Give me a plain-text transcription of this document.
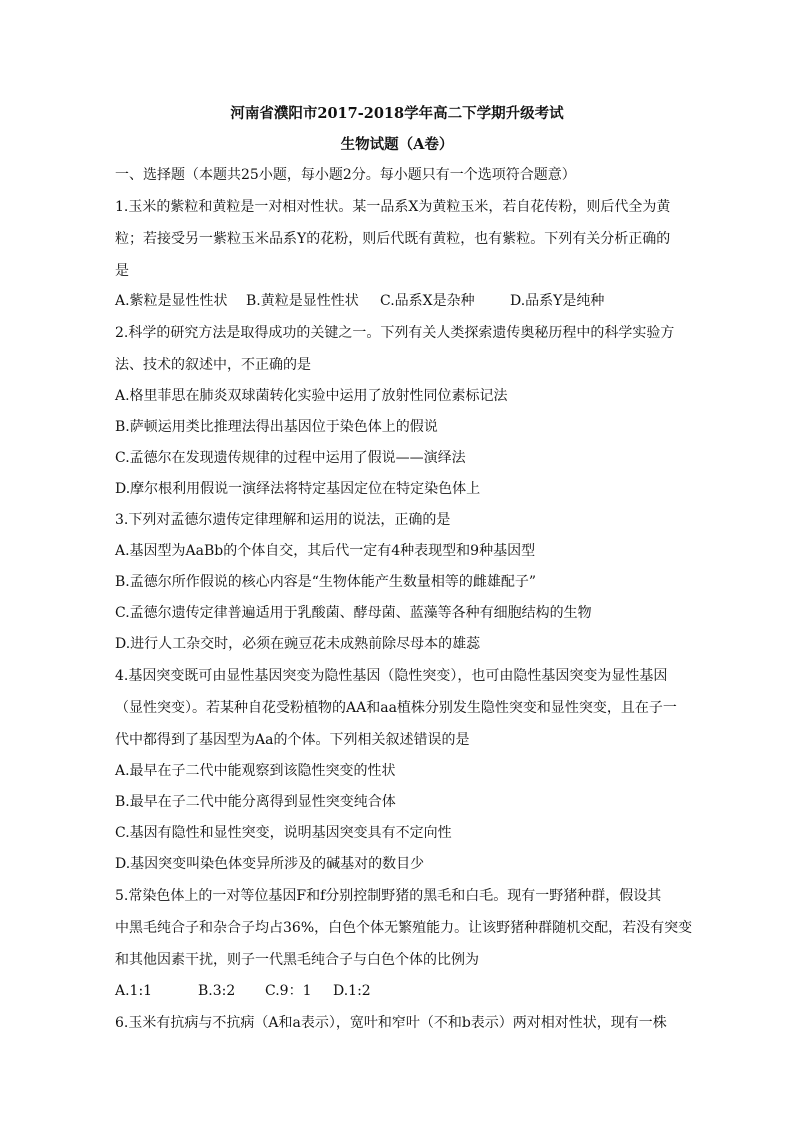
河南省濮阳市2017-2018学年高二下学期升级考试
生物试题（A卷）
一、选择题（本题共25小题，每小题2分。每小题只有一个选项符合题意）
1.玉米的紫粒和黄粒是一对相对性状。某一品系X为黄粒玉米，若自花传粉，则后代全为黄
粒；若接受另一紫粒玉米品系Y的花粉，则后代既有黄粒，也有紫粒。下列有关分析正确的
是
A.紫粒是显性性状 B.黄粒是显性性状 C.品系X是杂种	D.品系Y是纯种
2.科学的研究方法是取得成功的关键之一。下列有关人类探索遗传奥秘历程中的科学实验方
法、技术的叙述中，不正确的是
A.格里菲思在肺炎双球菌转化实验中运用了放射性同位素标记法
B.萨顿运用类比推理法得出基因位于染色体上的假说
C.孟德尔在发现遗传规律的过程中运用了假说——演绎法
D.摩尔根利用假说一演绎法将特定基因定位在特定染色体上
3.下列对孟德尔遗传定律理解和运用的说法，正确的是
A.基因型为AaBb的个体自交，其后代一定有4种表现型和9种基因型
B.孟德尔所作假说的核心内容是“生物体能产生数量相等的雌雄配子”
C.孟德尔遗传定律普遍适用于乳酸菌、酵母菌、蓝藻等各种有细胞结构的生物
D.进行人工杂交时，必须在豌豆花未成熟前除尽母本的雄蕊
4.基因突变既可由显性基因突变为隐性基因（隐性突变），也可由隐性基因突变为显性基因
（显性突变）。若某种自花受粉植物的AA和aa植株分别发生隐性突变和显性突变，且在子一
代中都得到了基因型为Aa的个体。下列相关叙述错误的是
A.最早在子二代中能观察到该隐性突变的性状
B.最早在子二代中能分离得到显性突变纯合体
C.基因有隐性和显性突变，说明基因突变具有不定向性
D.基因突变叫染色体变异所涉及的碱基对的数目少
5.常染色体上的一对等位基因F和f分别控制野猪的黑毛和白毛。现有一野猪种群，假设其
中黑毛纯合子和杂合子均占36%，白色个体无繁殖能力。让该野猪种群随机交配，若没有突变
和其他因素干扰，则子一代黑毛纯合子与白色个体的比例为
A.1:1	B.3:2 C.9：1 D.1:2
6.玉米有抗病与不抗病（A和a表示），宽叶和窄叶（不和b表示）两对相对性状，现有一株
